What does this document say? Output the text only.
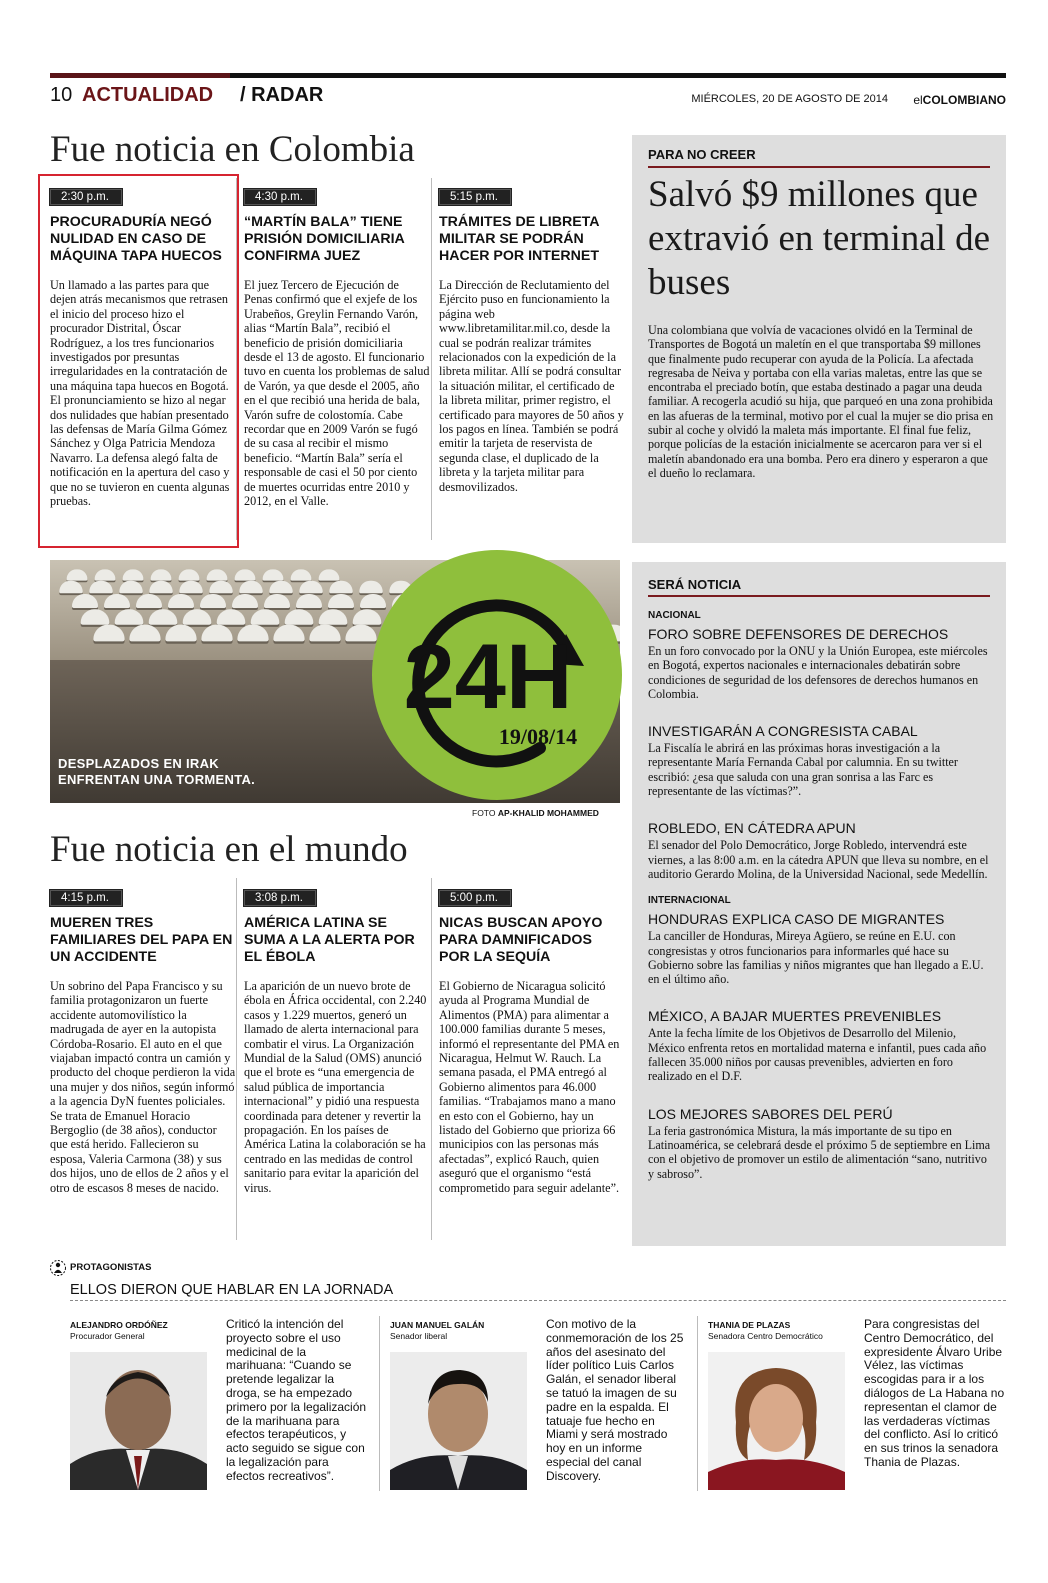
10 ACTUALIDAD / RADAR	MIÉRCOLES, 20 DE AGOSTO DE 2014 elCOLOMBIANO
Fue noticia en Colombia
2:30 p.m.
PROCURADURÍA NEGÓ NULIDAD EN CASO DE MÁQUINA TAPA HUECOS
Un llamado a las partes para que dejen atrás mecanismos que retrasen el inicio del proceso hizo el procurador Distrital, Óscar Rodríguez, a los tres funcionarios investigados por presuntas irregularidades en la contratación de una máquina tapa huecos en Bogotá. El pronunciamiento se hizo al negar dos nulidades que habían presentado las defensas de María Gilma Gómez Sánchez y Olga Patricia Mendoza Navarro. La defensa alegó falta de notificación en la apertura del caso y que no se tuvieron en cuenta algunas pruebas.
4:30 p.m.
“MARTÍN BALA” TIENE PRISIÓN DOMICILIARIA CONFIRMA JUEZ
El juez Tercero de Ejecución de Penas confirmó que el exjefe de los Urabeños, Greylin Fernando Varón, alias “Martín Bala”, recibió el beneficio de prisión domiciliaria desde el 13 de agosto. El funcionario tuvo en cuenta los problemas de salud de Varón, ya que desde el 2005, año en el que recibió una herida de bala, Varón sufre de colostomía. Cabe recordar que en 2009 Varón se fugó de su casa al recibir el mismo beneficio. “Martín Bala” sería el responsable de casi el 50 por ciento de muertes ocurridas entre 2010 y 2012, en el Valle.
5:15 p.m.
TRÁMITES DE LIBRETA MILITAR SE PODRÁN HACER POR INTERNET
La Dirección de Reclutamiento del Ejército puso en funcionamiento la página web www.libretamilitar.mil.co, desde la cual se podrán realizar trámites relacionados con la expedición de la libreta militar. Allí se podrá consultar la situación militar, el certificado de la libreta militar, primer registro, el certificado para mayores de 50 años y los pagos en línea. También se podrá emitir la tarjeta de reservista de segunda clase, el duplicado de la libreta y la tarjeta militar para desmovilizados.
PARA NO CREER
Salvó $9 millones que extravió en terminal de buses
Una colombiana que volvía de vacaciones olvidó en la Terminal de Transportes de Bogotá un maletín en el que transportaba $9 millones que finalmente pudo recuperar con ayuda de la Policía. La afectada regresaba de Neiva y portaba con ella varias maletas, entre las que se encontraba el preciado botín, que estaba destinado a pagar una deuda familiar. A recogerla acudió su hija, que parqueó en una zona prohibida en las afueras de la terminal, motivo por el cual la mujer se dio prisa en subir al coche y olvidó la maleta más importante. El final fue feliz, porque policías de la estación inicialmente se acercaron para ver si el maletín abandonado era una bomba. Pero era dinero y esperaron a que el dueño lo reclamara.
DESPLAZADOS EN IRAK
ENFRENTAN UNA TORMENTA.
FOTO AP-KHALID MOHAMMED
24H
19/08/14
SERÁ NOTICIA
NACIONAL
FORO SOBRE DEFENSORES DE DERECHOS

En un foro convocado por la ONU y la Unión Europea, este miércoles en Bogotá, expertos nacionales e internacionales debatirán sobre condiciones de seguridad de los defensores de derechos humanos en Colombia.

INVESTIGARÁN A CONGRESISTA CABAL

La Fiscalía le abrirá en las próximas horas investigación a la representante María Fernanda Cabal por calumnia. En su twitter escribió: ¿esa que saluda con una gran sonrisa a las Farc es representante de las víctimas?”.

ROBLEDO, EN CÁTEDRA APUN

El senador del Polo Democrático, Jorge Robledo, intervendrá este viernes, a las 8:00 a.m. en la cátedra APUN que lleva su nombre, en el auditorio Gerardo Molina, de la Universidad Nacional, sede Medellín.

INTERNACIONAL
HONDURAS EXPLICA CASO DE MIGRANTES

La canciller de Honduras, Mireya Agüero, se reúne en E.U. con congresistas y otros funcionarios para informarles qué hace su Gobierno sobre las familias y niños migrantes que han llegado a E.U. en el último año.

MÉXICO, A BAJAR MUERTES PREVENIBLES

Ante la fecha límite de los Objetivos de Desarrollo del Milenio, México enfrenta retos en mortalidad materna e infantil, pues cada año fallecen 35.000 niños por causas prevenibles, advierten en foro realizado en el D.F.

LOS MEJORES SABORES DEL PERÚ

La feria gastronómica Mistura, la más importante de su tipo en Latinoamérica, se celebrará desde el próximo 5 de septiembre en Lima con el objetivo de promover un estilo de alimentación “sano, nutritivo y sabroso”.

Fue noticia en el mundo
4:15 p.m.
MUEREN TRES FAMILIARES DEL PAPA EN UN ACCIDENTE
Un sobrino del Papa Francisco y su familia protagonizaron un fuerte accidente automovilístico la madrugada de ayer en la autopista Córdoba-Rosario. El auto en el que viajaban impactó contra un camión y producto del choque perdieron la vida una mujer y dos niños, según informó a la agencia DyN fuentes policiales. Se trata de Emanuel Horacio Bergoglio (de 38 años), conductor que está herido. Fallecieron su esposa, Valeria Carmona (38) y sus dos hijos, uno de ellos de 2 años y el otro de escasos 8 meses de nacido.
3:08 p.m.
AMÉRICA LATINA SE SUMA A LA ALERTA POR EL ÉBOLA
La aparición de un nuevo brote de ébola en África occidental, con 2.240 casos y 1.229 muertos, generó un llamado de alerta internacional para combatir el virus. La Organización Mundial de la Salud (OMS) anunció que el brote es “una emergencia de salud pública de importancia internacional” y pidió una respuesta coordinada para detener y revertir la propagación. En los países de América Latina la colaboración se ha centrado en las medidas de control sanitario para evitar la aparición del virus.
5:00 p.m.
NICAS BUSCAN APOYO PARA DAMNIFICADOS POR LA SEQUÍA
El Gobierno de Nicaragua solicitó ayuda al Programa Mundial de Alimentos (PMA) para alimentar a 100.000 familias durante 5 meses, informó el representante del PMA en Nicaragua, Helmut W. Rauch. La semana pasada, el PMA entregó al Gobierno alimentos para 46.000 familias. “Trabajamos mano a mano en esto con el Gobierno, hay un listado del Gobierno que prioriza 66 municipios con las personas más afectadas”, explicó Rauch, quien aseguró que el organismo “está comprometido para seguir adelante”.
PROTAGONISTAS
ELLOS DIERON QUE HABLAR EN LA JORNADA
ALEJANDRO ORDÓÑEZ
Procurador General
Criticó la intención del proyecto sobre el uso medicinal de la marihuana: “Cuando se pretende legalizar la droga, se ha empezado primero por la legalización de la marihuana para efectos terapéuticos, y acto seguido se sigue con la legalización para efectos recreativos”.
JUAN MANUEL GALÁN
Senador liberal
Con motivo de la conmemoración de los 25 años del asesinato del líder político Luis Carlos Galán, el senador liberal se tatuó la imagen de su padre en la espalda. El tatuaje fue hecho en Miami y será mostrado hoy en un informe especial del canal Discovery.
THANIA DE PLAZAS
Senadora Centro Democrático
Para congresistas del Centro Democrático, del expresidente Álvaro Uribe Vélez, las víctimas escogidas para ir a los diálogos de La Habana no representan el clamor de las verdaderas víctimas del conflicto. Así lo criticó en sus trinos la senadora Thania de Plazas.
